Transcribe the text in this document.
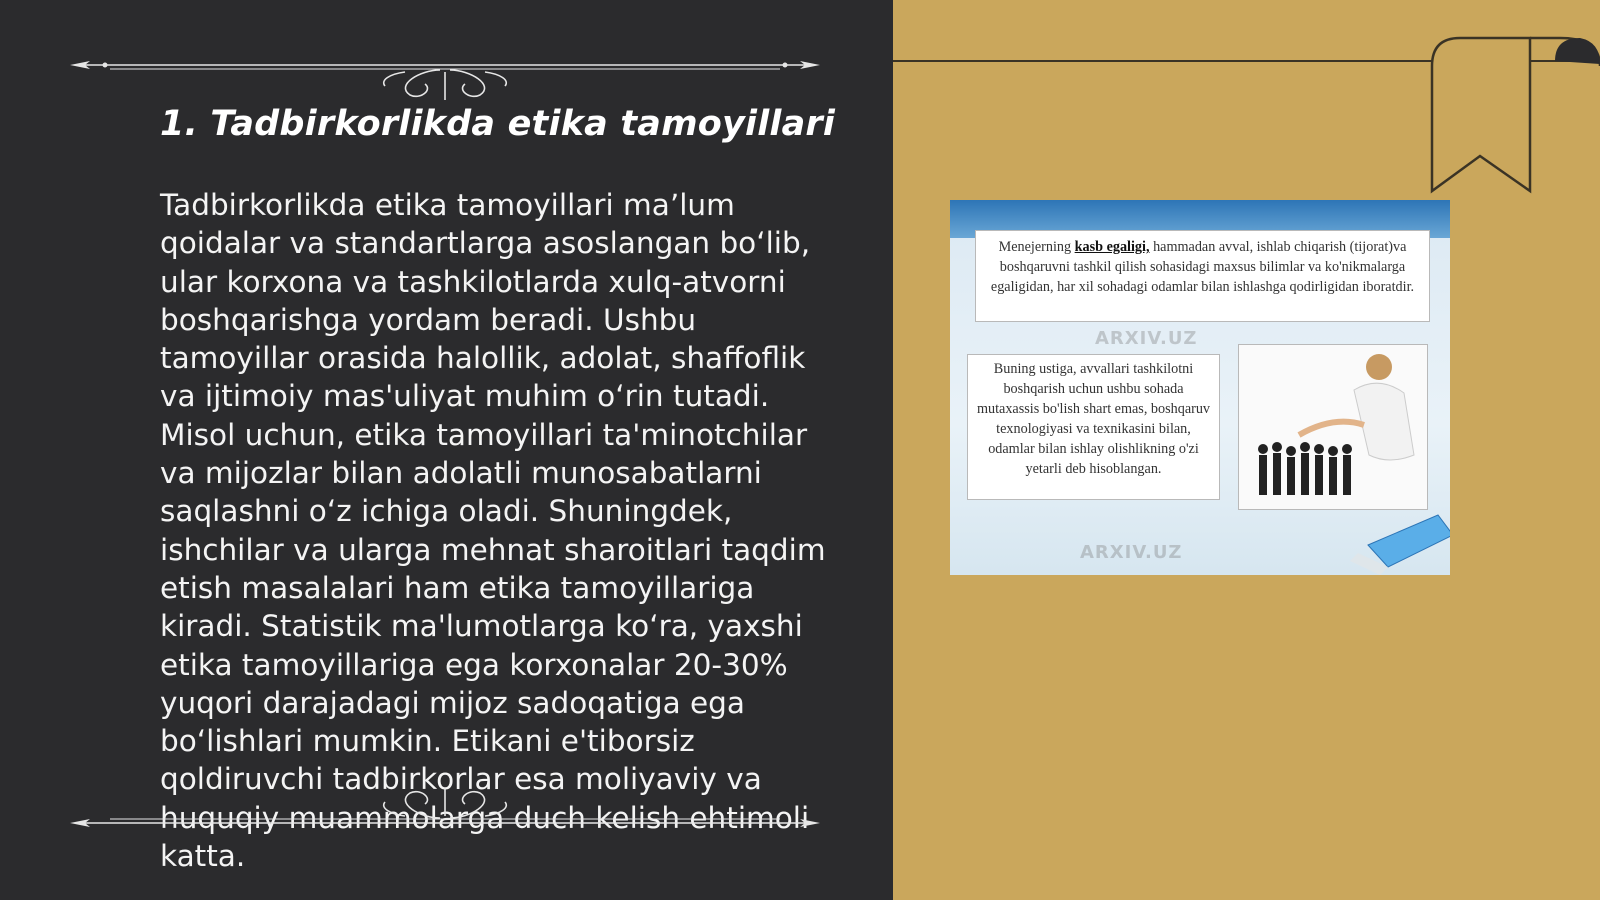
1. Tadbirkorlikda etika tamoyillari

Tadbirkorlikda etika tamoyillari ma’lum qoidalar va standartlarga asoslangan bo‘lib, ular korxona va tashkilotlarda xulq-atvorni boshqarishga yordam beradi. Ushbu tamoyillar orasida halollik, adolat, shaffoflik va ijtimoiy mas'uliyat muhim o‘rin tutadi. Misol uchun, etika tamoyillari ta'minotchilar va mijozlar bilan adolatli munosabatlarni saqlashni o‘z ichiga oladi. Shuningdek, ishchilar va ularga mehnat sharoitlari taqdim etish masalalari ham etika tamoyillariga kiradi. Statistik ma'lumotlarga ko‘ra, yaxshi etika tamoyillariga ega korxonalar 20-30% yuqori darajadagi mijoz sadoqatiga ega bo‘lishlari mumkin. Etikani e'tiborsiz qoldiruvchi tadbirkorlar esa moliyaviy va huquqiy muammolarga duch kelish ehtimoli katta.

Menejerning kasb egaligi, hammadan avval, ishlab chiqarish (tijorat)va boshqaruvni tashkil qilish sohasidagi maxsus bilimlar va ko'nikmalarga egaligidan, har xil sohadagi odamlar bilan ishlashga qodirligidan iboratdir.
ARXIV.UZ
Buning ustiga, avvallari tashkilotni boshqarish uchun ushbu sohada mutaxassis bo'lish shart emas, boshqaruv texnologiyasi va texnikasini bilan, odamlar bilan ishlay olishlikning o'zi yetarli deb hisoblangan.
ARXIV.UZ
